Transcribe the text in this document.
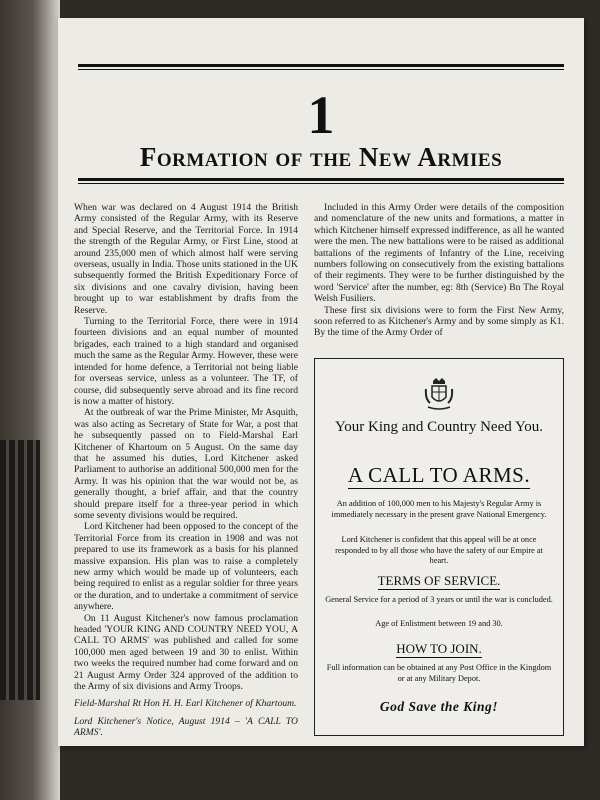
1
Formation of the New Armies

When war was declared on 4 August 1914 the British Army consisted of the Regular Army, with its Reserve and Special Reserve, and the Territorial Force. In 1914 the strength of the Regular Army, or First Line, stood at around 235,000 men of which almost half were serving overseas, usually in India. Those units stationed in the UK subsequently formed the British Expeditionary Force of six divisions and one cavalry division, having been brought up to war establishment by drafts from the Reserve.

Turning to the Territorial Force, there were in 1914 fourteen divisions and an equal number of mounted brigades, each trained to a high standard and organised much the same as the Regular Army. However, these were intended for home defence, a Territorial not being liable for overseas service, unless as a volunteer. The TF, of course, did subsequently serve abroad and its fine record is now a matter of history.

At the outbreak of war the Prime Minister, Mr Asquith, was also acting as Secretary of State for War, a post that he subsequently passed on to Field-Marshal Earl Kitchener of Khartoum on 5 August. On the same day that he assumed his duties, Lord Kitchener asked Parliament to authorise an additional 500,000 men for the Army. It was his opinion that the war would not be, as generally thought, a brief affair, and that the country should prepare itself for a three-year period in which some seventy divisions would be required.

Lord Kitchener had been opposed to the concept of the Territorial Force from its creation in 1908 and was not prepared to use its framework as a basis for his planned massive expansion. His plan was to raise a completely new army which would be made up of volunteers, each being required to enlist as a regular soldier for three years or the duration, and to undertake a commitment of service anywhere.

On 11 August Kitchener's now famous proclamation headed 'YOUR KING AND COUNTRY NEED YOU, A CALL TO ARMS' was published and called for some 100,000 men aged between 19 and 30 to enlist. Within two weeks the required number had come forward and on 21 August Army Order 324 approved of the addition to the Army of six divisions and Army Troops.

Field-Marshal Rt Hon H. H. Earl Kitchener of Khartoum.

Lord Kitchener's Notice, August 1914 – 'A CALL TO ARMS'.

Included in this Army Order were details of the composition and nomenclature of the new units and formations, a matter in which Kitchener himself expressed indifference, as all he wanted were the men. The new battalions were to be raised as additional battalions of the regiments of Infantry of the Line, receiving numbers following on consecutively from the existing battalions of their regiments. They were to be further distinguished by the word 'Service' after the number, eg: 8th (Service) Bn The Royal Welsh Fusiliers.

These first six divisions were to form the First New Army, soon referred to as Kitchener's Army and by some simply as K1. By the time of the Army Order of

Your King and Country Need You.
A CALL TO ARMS.
An addition of 100,000 men to his Majesty's Regular Army is immediately necessary in the present grave National Emergency.
Lord Kitchener is confident that this appeal will be at once responded to by all those who have the safety of our Empire at heart.
TERMS OF SERVICE.
General Service for a period of 3 years or until the war is concluded.
Age of Enlistment between 19 and 30.
HOW TO JOIN.
Full information can be obtained at any Post Office in the Kingdom or at any Military Depot.
God Save the King!
